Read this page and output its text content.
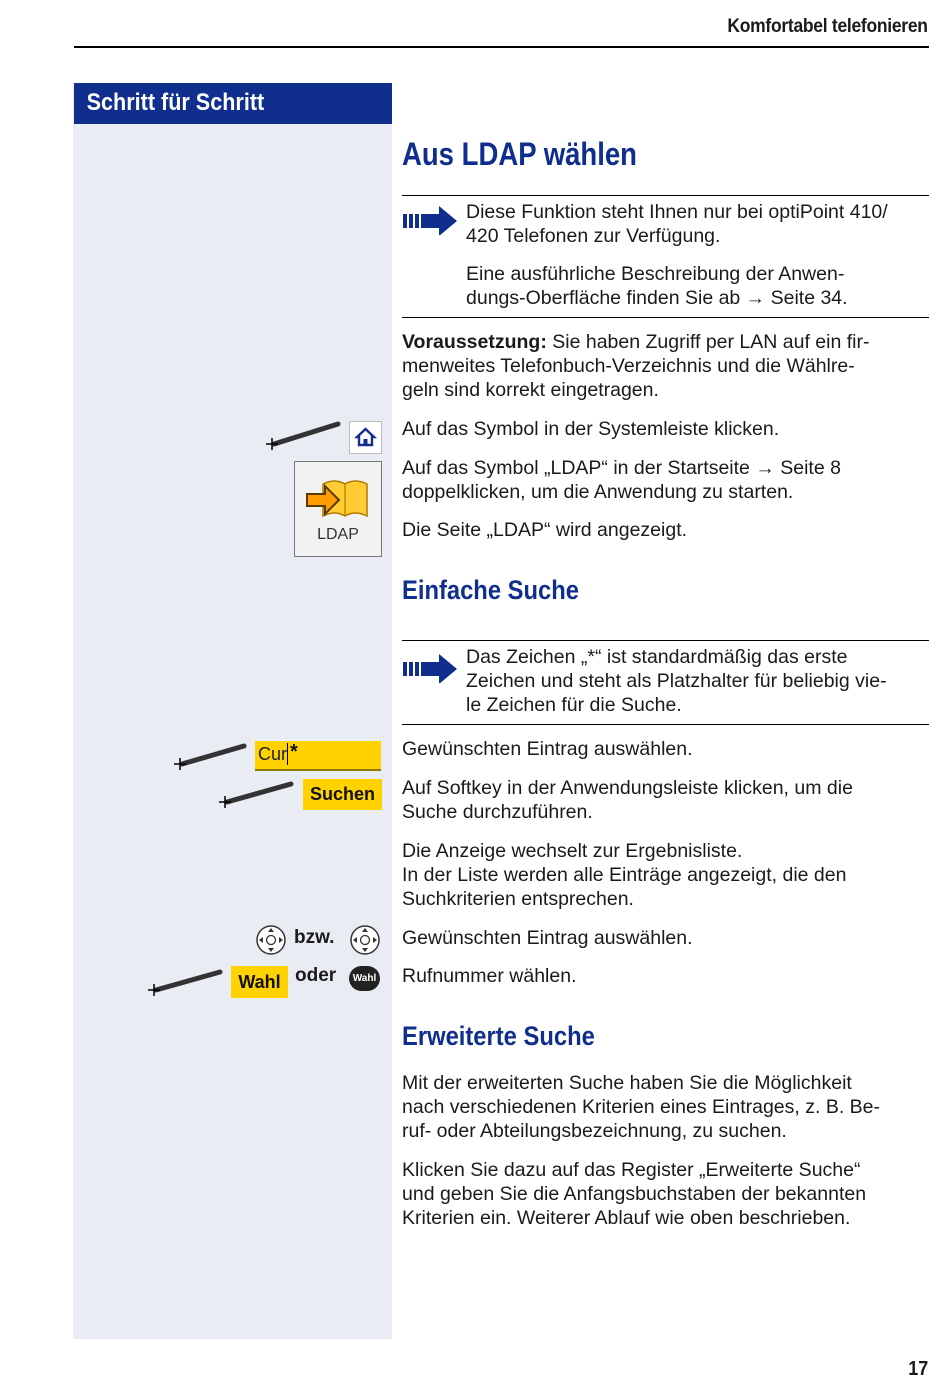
Komfortabel telefonieren
Schritt für Schritt
Aus LDAP wählen
Diese Funktion steht Ihnen nur bei optiPoint 410/
420 Telefonen zur Verfügung.
Eine ausführliche Beschreibung der Anwen-
dungs-Oberfläche finden Sie ab → Seite 34.
Voraussetzung: Sie haben Zugriff per LAN auf ein fir-
menweites Telefonbuch-Verzeichnis und die Wählre-
geln sind korrekt eingetragen.
Auf das Symbol in der Systemleiste klicken.
LDAP
Auf das Symbol „LDAP“ in der Startseite → Seite 8
doppelklicken, um die Anwendung zu starten.
Die Seite „LDAP“ wird angezeigt.
Einfache Suche
Das Zeichen „*“ ist standardmäßig das erste
Zeichen und steht als Platzhalter für beliebig vie-
le Zeichen für die Suche.
Cur *	Gewünschten Eintrag auswählen.
Suchen	Auf Softkey in der Anwendungsleiste klicken, um die
Suche durchzuführen.
Die Anzeige wechselt zur Ergebnisliste.
In der Liste werden alle Einträge angezeigt, die den
Suchkriterien entsprechen.
bzw.	Gewünschten Eintrag auswählen.
Wahl oder	Wahl Rufnummer wählen.
Erweiterte Suche
Mit der erweiterten Suche haben Sie die Möglichkeit
nach verschiedenen Kriterien eines Eintrages, z. B. Be-
ruf- oder Abteilungsbezeichnung, zu suchen.
Klicken Sie dazu auf das Register „Erweiterte Suche“
und geben Sie die Anfangsbuchstaben der bekannten
Kriterien ein. Weiterer Ablauf wie oben beschrieben.
17
